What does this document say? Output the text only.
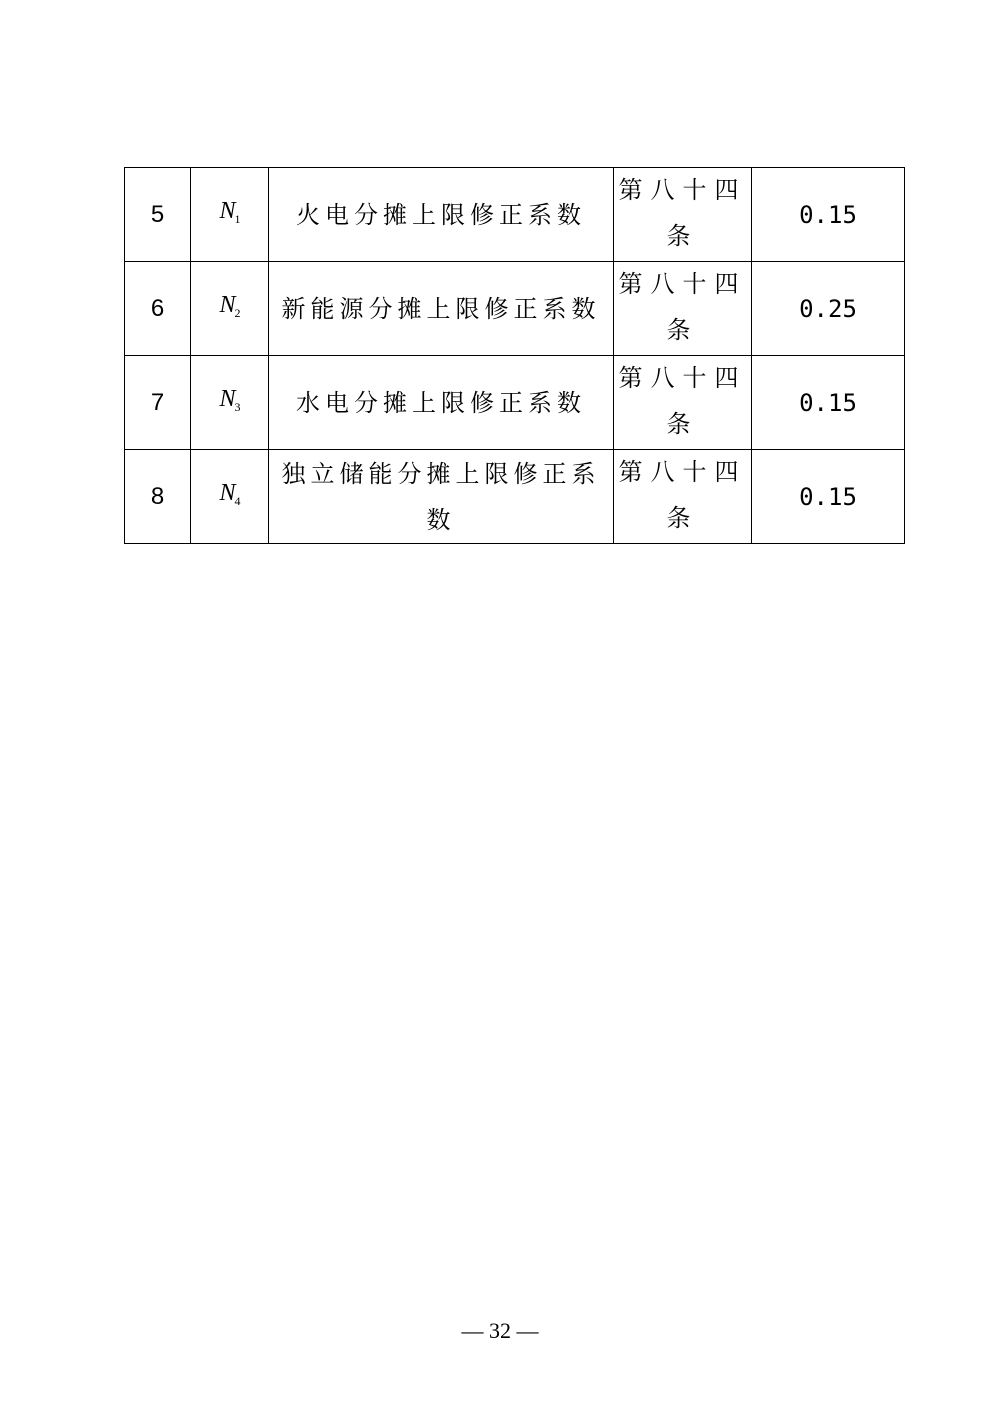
5	$N_1$	火电分摊上限修正系数	第八十四条	0.15
6	$N_2$	新能源分摊上限修正系数	第八十四条	0.25
7	$N_3$	水电分摊上限修正系数	第八十四条	0.15
8	$N_4$	独立储能分摊上限修正系数	第八十四条	0.15
— 32 —
